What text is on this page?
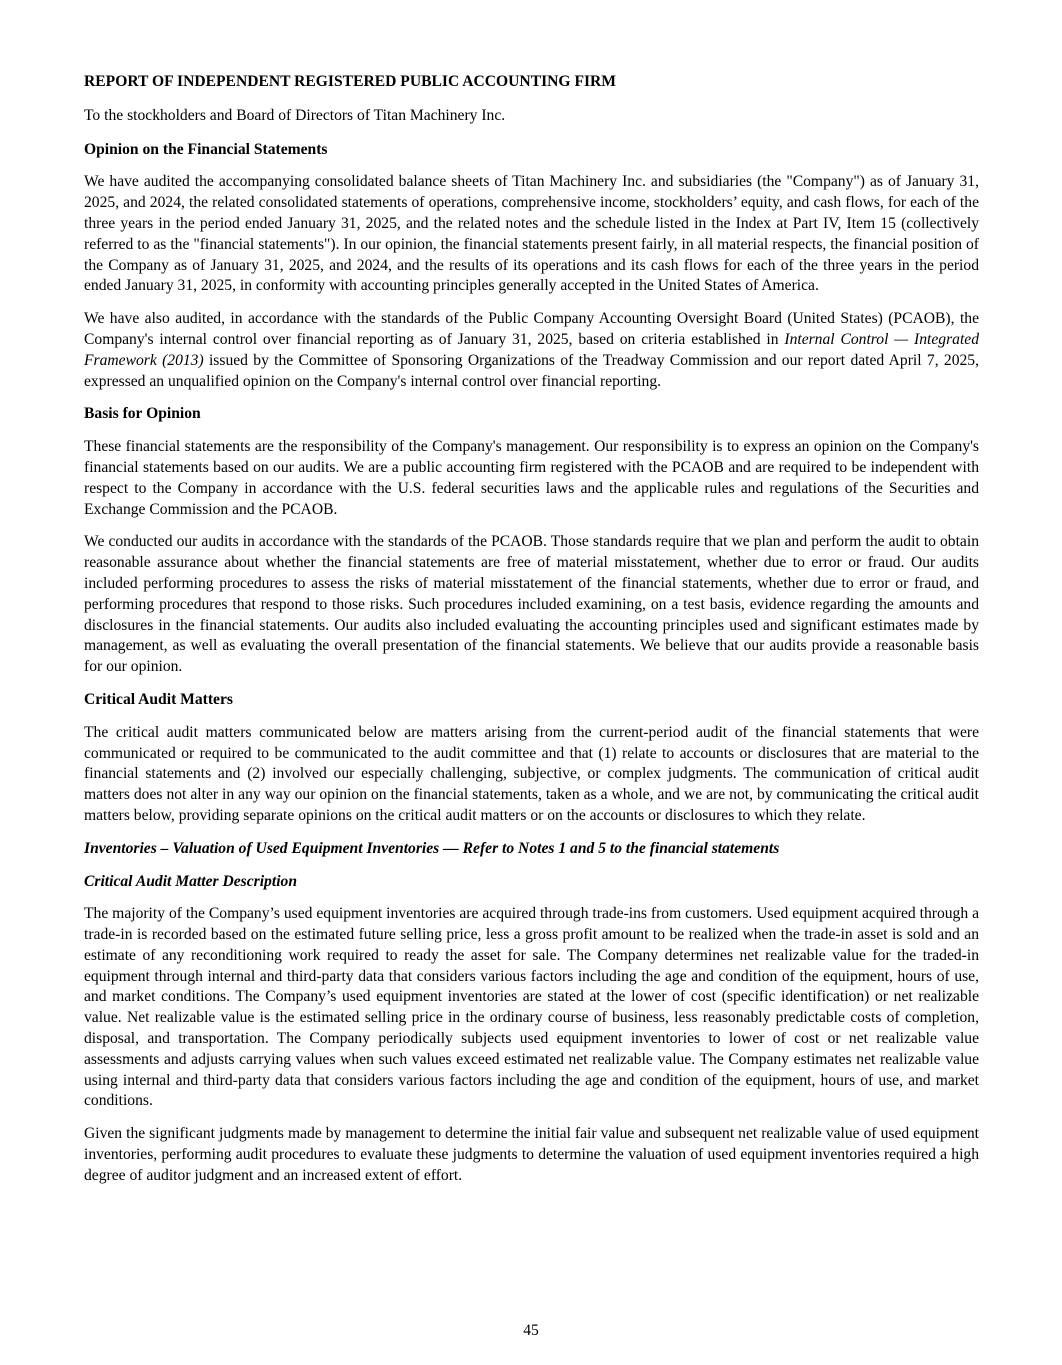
REPORT OF INDEPENDENT REGISTERED PUBLIC ACCOUNTING FIRM

To the stockholders and Board of Directors of Titan Machinery Inc.

Opinion on the Financial Statements

We have audited the accompanying consolidated balance sheets of Titan Machinery Inc. and subsidiaries (the "Company") as of January 31, 2025, and 2024, the related consolidated statements of operations, comprehensive income, stockholders’ equity, and cash flows, for each of the three years in the period ended January 31, 2025, and the related notes and the schedule listed in the Index at Part IV, Item 15 (collectively referred to as the "financial statements"). In our opinion, the financial statements present fairly, in all material respects, the financial position of the Company as of January 31, 2025, and 2024, and the results of its operations and its cash flows for each of the three years in the period ended January 31, 2025, in conformity with accounting principles generally accepted in the United States of America.

We have also audited, in accordance with the standards of the Public Company Accounting Oversight Board (United States) (PCAOB), the Company's internal control over financial reporting as of January 31, 2025, based on criteria established in Internal Control — Integrated Framework (2013) issued by the Committee of Sponsoring Organizations of the Treadway Commission and our report dated April 7, 2025, expressed an unqualified opinion on the Company's internal control over financial reporting.

Basis for Opinion

These financial statements are the responsibility of the Company's management. Our responsibility is to express an opinion on the Company's financial statements based on our audits. We are a public accounting firm registered with the PCAOB and are required to be independent with respect to the Company in accordance with the U.S. federal securities laws and the applicable rules and regulations of the Securities and Exchange Commission and the PCAOB.

We conducted our audits in accordance with the standards of the PCAOB. Those standards require that we plan and perform the audit to obtain reasonable assurance about whether the financial statements are free of material misstatement, whether due to error or fraud. Our audits included performing procedures to assess the risks of material misstatement of the financial statements, whether due to error or fraud, and performing procedures that respond to those risks. Such procedures included examining, on a test basis, evidence regarding the amounts and disclosures in the financial statements. Our audits also included evaluating the accounting principles used and significant estimates made by management, as well as evaluating the overall presentation of the financial statements. We believe that our audits provide a reasonable basis for our opinion.

Critical Audit Matters

The critical audit matters communicated below are matters arising from the current-period audit of the financial statements that were communicated or required to be communicated to the audit committee and that (1) relate to accounts or disclosures that are material to the financial statements and (2) involved our especially challenging, subjective, or complex judgments. The communication of critical audit matters does not alter in any way our opinion on the financial statements, taken as a whole, and we are not, by communicating the critical audit matters below, providing separate opinions on the critical audit matters or on the accounts or disclosures to which they relate.

Inventories – Valuation of Used Equipment Inventories — Refer to Notes 1 and 5 to the financial statements

Critical Audit Matter Description

The majority of the Company’s used equipment inventories are acquired through trade-ins from customers. Used equipment acquired through a trade-in is recorded based on the estimated future selling price, less a gross profit amount to be realized when the trade-in asset is sold and an estimate of any reconditioning work required to ready the asset for sale. The Company determines net realizable value for the traded-in equipment through internal and third-party data that considers various factors including the age and condition of the equipment, hours of use, and market conditions. The Company’s used equipment inventories are stated at the lower of cost (specific identification) or net realizable value. Net realizable value is the estimated selling price in the ordinary course of business, less reasonably predictable costs of completion, disposal, and transportation. The Company periodically subjects used equipment inventories to lower of cost or net realizable value assessments and adjusts carrying values when such values exceed estimated net realizable value. The Company estimates net realizable value using internal and third-party data that considers various factors including the age and condition of the equipment, hours of use, and market conditions.

Given the significant judgments made by management to determine the initial fair value and subsequent net realizable value of used equipment inventories, performing audit procedures to evaluate these judgments to determine the valuation of used equipment inventories required a high degree of auditor judgment and an increased extent of effort.

45
